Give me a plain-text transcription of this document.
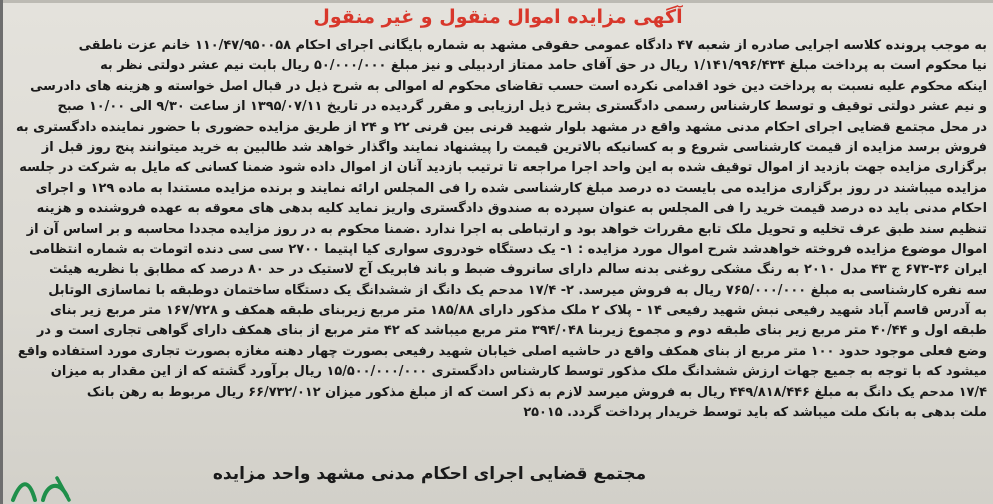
آگهی مزایده اموال منقول و غیر منقول
به موجب پرونده کلاسه اجرایی صادره از شعبه ۴۷ دادگاه عمومی حقوقی مشهد به شماره بایگانی اجرای احکام ۱۱۰/۴۷/۹۵۰۰۵۸ خانم عزت ناطقی
نیا محکوم است به پرداخت مبلغ ۱/۱۴۱/۹۹۶/۴۳۴ ریال در حق آقای حامد ممتاز اردبیلی و نیز مبلغ ۵۰/۰۰۰/۰۰۰ ریال بابت نیم عشر دولتی نظر به
اینکه محکوم علیه نسبت به پرداخت دین خود اقدامی نکرده است حسب تقاضای محکوم له اموالی به شرح ذیل در قبال اصل خواسته و هزینه های دادرسی
و نیم عشر دولتی توقیف و توسط کارشناس رسمی دادگستری بشرح ذیل ارزیابی و مقرر گردیده در تاریخ ۱۳۹۵/۰۷/۱۱ از ساعت ۹/۳۰ الی ۱۰/۰۰ صبح
در محل مجتمع قضایی اجرای احکام مدنی مشهد واقع در مشهد بلوار شهید قرنی بین قرنی ۲۲ و ۲۴ از طریق مزایده حضوری با حضور نماینده دادگستری به
فروش برسد مزایده از قیمت کارشناسی شروع و به کسانیکه بالاترین قیمت را پیشنهاد نمایند واگذار خواهد شد طالبین به خرید میتوانند پنج روز قبل از
برگزاری مزایده جهت بازدید از اموال توقیف شده به این واحد اجرا مراجعه تا ترتیب بازدید آنان از اموال داده شود ضمنا کسانی که مایل به شرکت در جلسه
مزایده میباشند در روز برگزاری مزایده می بایست ده درصد مبلغ کارشناسی شده را فی المجلس ارائه نمایند و برنده مزایده مستندا به ماده ۱۲۹ و اجرای
احکام مدنی باید ده درصد قیمت خرید را فی المجلس به عنوان سپرده به صندوق دادگستری واریز نماید کلیه بدهی های معوقه به عهده فروشنده و هزینه
تنظیم سند طبق عرف تخلیه و تحویل ملک تابع مقررات خواهد بود و ارتباطی به اجرا ندارد .ضمنا محکوم به در روز مزایده مجددا محاسبه و بر اساس آن از
اموال موضوع مزایده فروخته خواهدشد شرح اموال مورد مزایده : ۱- یک دستگاه خودروی سواری کیا اپتیما ۲۷۰۰ سی سی دنده اتومات به شماره انتظامی
ایران ۳۶-۶۷۳ ج ۴۳ مدل ۲۰۱۰ به رنگ مشکی روغنی بدنه سالم دارای سانروف ضبط و باند فابریک آج لاستیک در حد ۸۰ درصد که مطابق با نظریه هیئت
سه نفره کارشناسی به مبلغ ۷۶۵/۰۰۰/۰۰۰ ریال به فروش میرسد. ۲- ۱۷/۴ مدحم یک دانگ از ششدانگ یک دستگاه ساختمان دوطبقه با نماسازی الوتابل
به آدرس قاسم آباد شهید رفیعی نبش شهید رفیعی ۱۴ - پلاک ۲ ملک مذکور دارای ۱۸۵/۸۸ متر مربع زیربنای طبقه همکف و ۱۶۷/۷۲۸ متر مربع زیر بنای
طبقه اول و ۴۰/۴۴ متر مربع زیر بنای طبقه دوم و مجموع زیربنا ۳۹۴/۰۴۸ متر مربع میباشد که ۴۲ متر مربع از بنای همکف دارای گواهی تجاری است و در
وضع فعلی موجود حدود ۱۰۰ متر مربع از بنای همکف واقع در حاشیه اصلی خیابان شهید رفیعی بصورت چهار دهنه مغازه بصورت تجاری مورد استفاده واقع
میشود که با توجه به جمیع جهات ارزش ششدانگ ملک مذکور توسط کارشناس دادگستری ۱۵/۵۰۰/۰۰۰/۰۰۰ ریال برآورد گشته که از این مقدار به میزان
۱۷/۴ مدحم یک دانگ به مبلغ ۴۴۹/۸۱۸/۴۴۶ ریال به فروش میرسد لازم به ذکر است که از مبلغ مذکور میزان ۶۶/۷۳۲/۰۱۲ ریال مربوط به رهن بانک
ملت بدهی به بانک ملت میباشد که باید توسط خریدار پرداخت گردد. ۲۵۰۱۵
مجتمع قضایی اجرای احکام مدنی مشهد واحد مزایده
